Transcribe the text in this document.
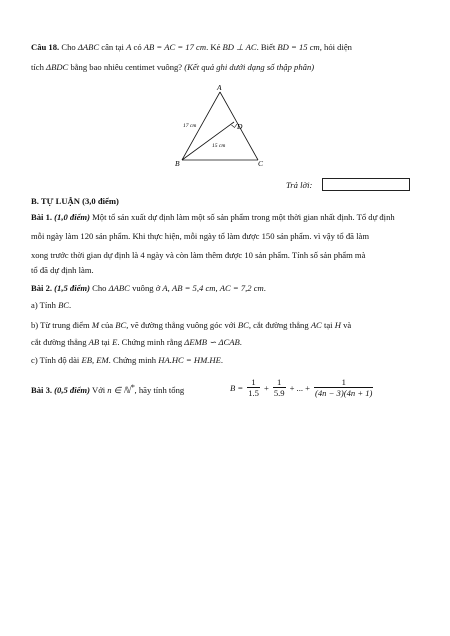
Câu 18. Cho ΔABC cân tại A có AB = AC = 17 cm. Kẻ BD ⊥ AC. Biết BD = 15 cm, hỏi diện
tích ΔBDC bằng bao nhiêu centimet vuông? (Kết quả ghi dưới dạng số thập phân)
A
B	C
D
17 cm
15 cm
Trả lời:
B. TỰ LUẬN (3,0 điểm)
Bài 1. (1,0 điểm) Một tổ sản xuất dự định làm một số sản phẩm trong một thời gian nhất định. Tổ dự định
mỗi ngày làm 120 sản phẩm. Khi thực hiện, mỗi ngày tổ làm được 150 sản phẩm. vì vậy tổ đã làm
xong trước thời gian dự định là 4 ngày và còn làm thêm được 10 sản phẩm. Tính số sản phẩm mà
tổ đã dự định làm.
Bài 2. (1,5 điểm) Cho ΔABC vuông ở A, AB = 5,4 cm, AC = 7,2 cm.
a) Tính BC.
b) Từ trung điểm M của BC, vẽ đường thẳng vuông góc với BC, cắt đường thẳng AC tại H và
cắt đường thẳng AB tại E. Chứng minh rằng ΔEMB ∽ ΔCAB.
c) Tính độ dài EB, EM. Chứng minh HA.HC = HM.HE.
Bài 3. (0,5 điểm) Với n ∈ ℕ*, hãy tính tổng	$B = \frac{1}{1.5} + \frac{1}{5.9}$ + ... + $\frac{1}{(4n - 3)(4n + 1)}$
